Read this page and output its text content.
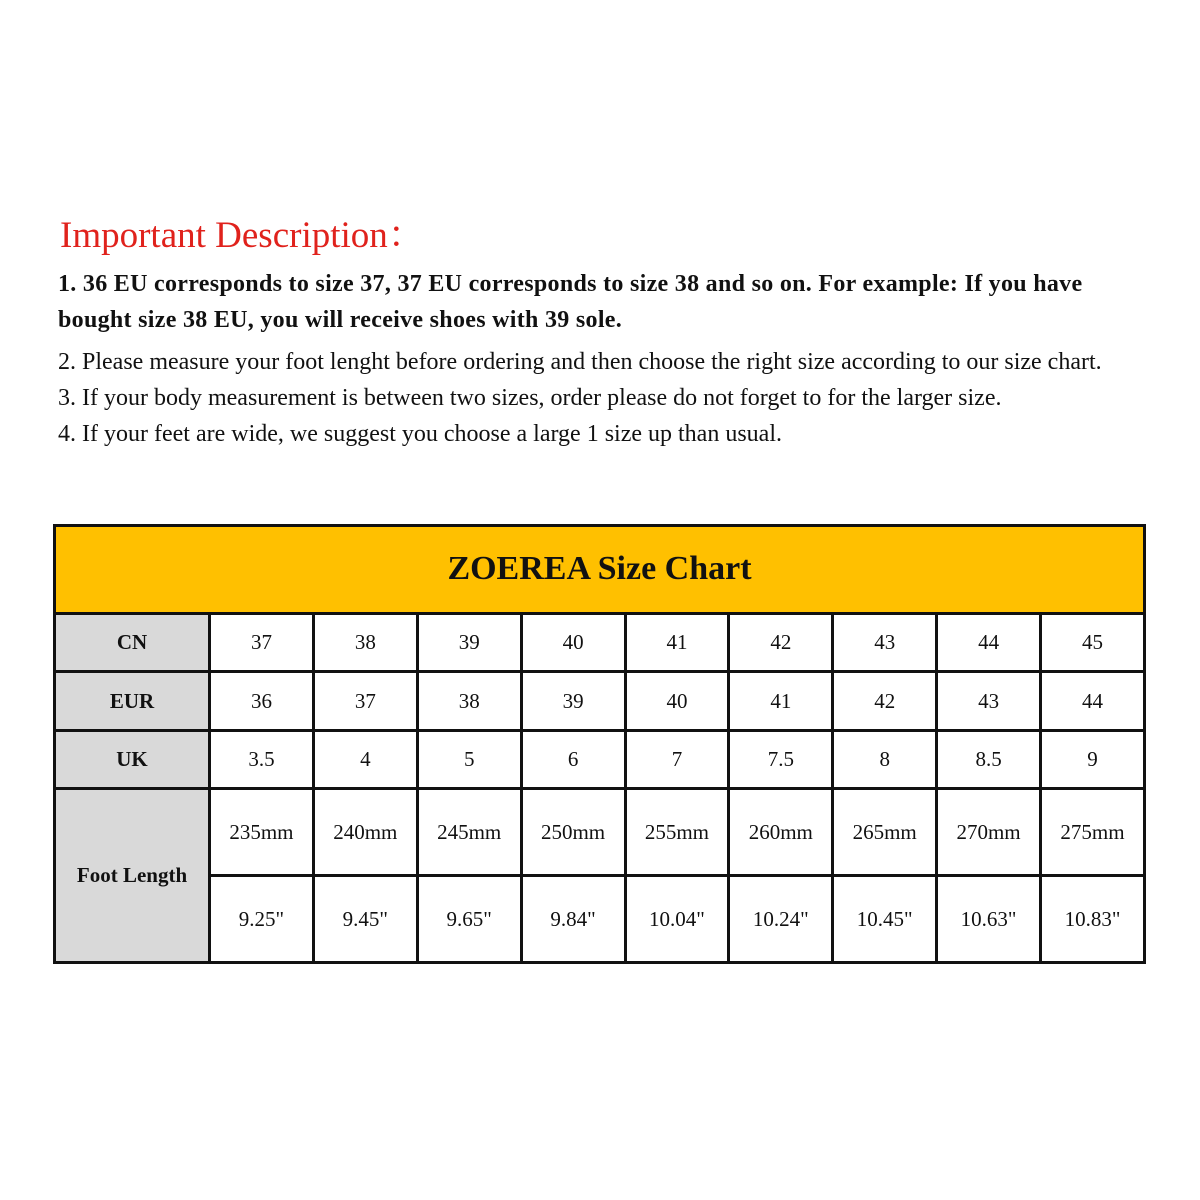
Important Description：

1. 36 EU corresponds to size 37, 37 EU corresponds to size 38 and so on. For example: If you have bought size 38 EU, you will receive shoes with 39 sole.

2. Please measure your foot lenght before ordering and then choose the right size according to our size chart.

3. If your body measurement is between two sizes, order please do not forget to for the larger size.

4. If your feet are wide, we suggest you choose a large 1 size up than usual.

ZOEREA Size Chart									
CN	37	38	39	40	41	42	43	44	45
EUR	36	37	38	39	40	41	42	43	44
UK	3.5	4	5	6	7	7.5	8	8.5	9
Foot Length	235mm	240mm	245mm	250mm	255mm	260mm	265mm	270mm	275mm
	9.25"	9.45"	9.65"	9.84"	10.04"	10.24"	10.45"	10.63"	10.83"
